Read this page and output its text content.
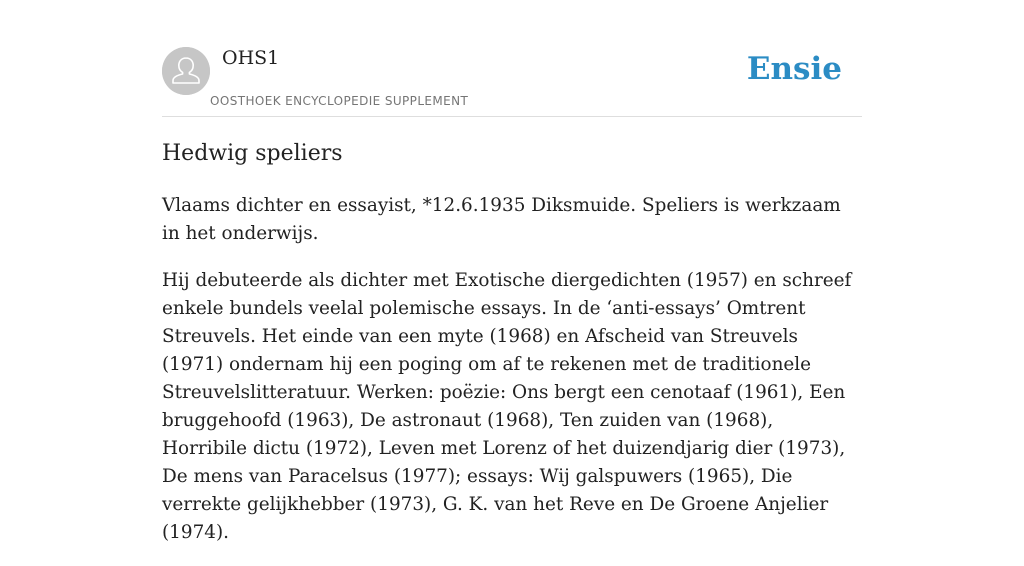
OHS1
OOSTHOEK ENCYCLOPEDIE SUPPLEMENT
Ensie
Hedwig speliers

Vlaams dichter en essayist, *12.6.1935 Diksmuide. Speliers is werkzaam in het onderwijs.

Hij debuteerde als dichter met Exotische diergedichten (1957) en schreef enkele bundels veelal polemische essays. In de ‘anti-essays’ Omtrent Streuvels. Het einde van een myte (1968) en Afscheid van Streuvels (1971) ondernam hij een poging om af te rekenen met de traditionele Streuvelslitteratuur. Werken: poëzie: Ons bergt een cenotaaf (1961), Een bruggehoofd (1963), De astronaut (1968), Ten zuiden van (1968), Horribile dictu (1972), Leven met Lorenz of het duizendjarig dier (1973), De mens van Paracelsus (1977); essays: Wij galspuwers (1965), Die verrekte gelijkhebber (1973), G. K. van het Reve en De Groene Anjelier (1974).
